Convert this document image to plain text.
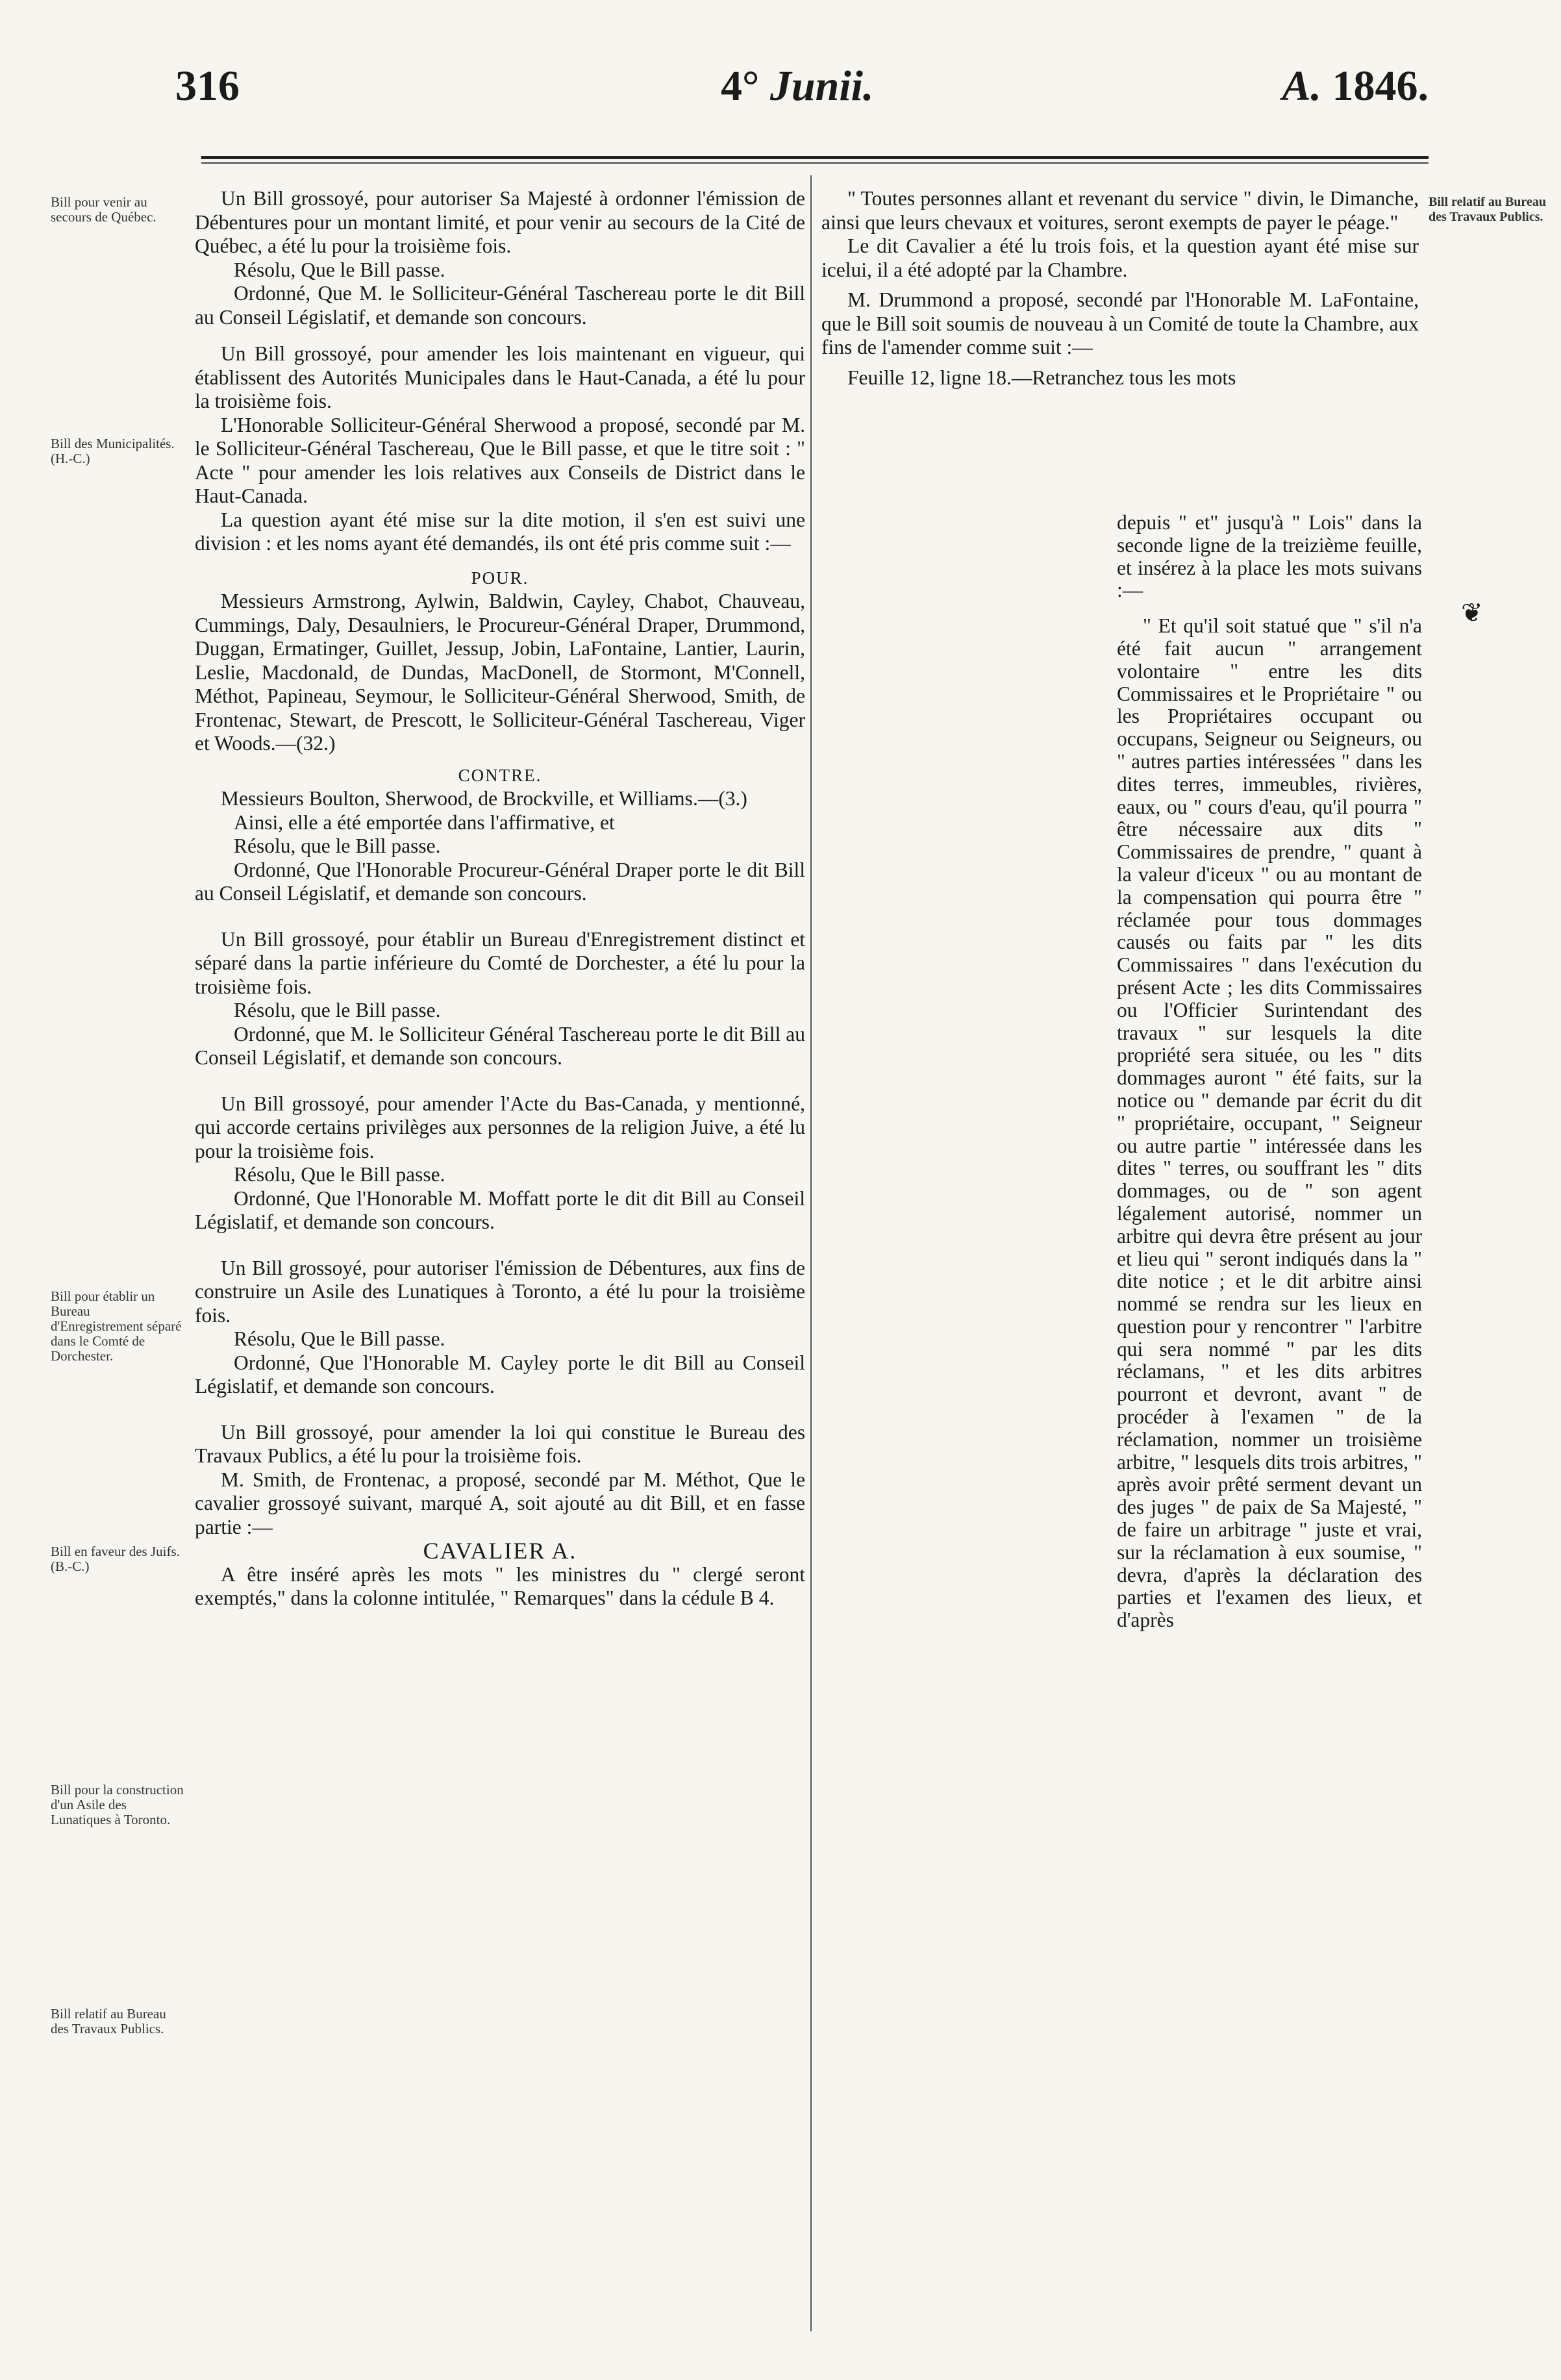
316	4° Junii.	A. 1846.
Bill pour venir au secours de Québec.
Bill des Municipalités. (H.-C.)
Bill pour établir un Bureau d'Enregistrement séparé dans le Comté de Dorchester.
Bill en faveur des Juifs. (B.-C.)
Bill pour la construction d'un Asile des Lunatiques à Toronto.
Bill relatif au Bureau des Travaux Publics.
Bill relatif au Bureau des Travaux Publics.

Un Bill grossoyé, pour autoriser Sa Majesté à ordonner l'émission de Débentures pour un montant limité, et pour venir au secours de la Cité de Québec, a été lu pour la troisième fois.

Résolu, Que le Bill passe.

Ordonné, Que M. le Solliciteur-Général Taschereau porte le dit Bill au Conseil Législatif, et demande son concours.

Un Bill grossoyé, pour amender les lois maintenant en vigueur, qui établissent des Autorités Municipales dans le Haut-Canada, a été lu pour la troisième fois.

L'Honorable Solliciteur-Général Sherwood a proposé, secondé par M. le Solliciteur-Général Taschereau, Que le Bill passe, et que le titre soit : " Acte " pour amender les lois relatives aux Conseils de District dans le Haut-Canada.

La question ayant été mise sur la dite motion, il s'en est suivi une division : et les noms ayant été demandés, ils ont été pris comme suit :—

POUR.

Messieurs Armstrong, Aylwin, Baldwin, Cayley, Chabot, Chauveau, Cummings, Daly, Desaulniers, le Procureur-Général Draper, Drummond, Duggan, Ermatinger, Guillet, Jessup, Jobin, LaFontaine, Lantier, Laurin, Leslie, Macdonald, de Dundas, MacDonell, de Stormont, M'Connell, Méthot, Papineau, Seymour, le Solliciteur-Général Sherwood, Smith, de Frontenac, Stewart, de Prescott, le Solliciteur-Général Taschereau, Viger et Woods.—(32.)

CONTRE.

Messieurs Boulton, Sherwood, de Brockville, et Williams.—(3.)

Ainsi, elle a été emportée dans l'affirmative, et

Résolu, que le Bill passe.

Ordonné, Que l'Honorable Procureur-Général Draper porte le dit Bill au Conseil Législatif, et demande son concours.

Un Bill grossoyé, pour établir un Bureau d'Enregistrement distinct et séparé dans la partie inférieure du Comté de Dorchester, a été lu pour la troisième fois.

Résolu, que le Bill passe.

Ordonné, que M. le Solliciteur Général Taschereau porte le dit Bill au Conseil Législatif, et demande son concours.

Un Bill grossoyé, pour amender l'Acte du Bas-Canada, y mentionné, qui accorde certains privilèges aux personnes de la religion Juive, a été lu pour la troisième fois.

Résolu, Que le Bill passe.

Ordonné, Que l'Honorable M. Moffatt porte le dit dit Bill au Conseil Législatif, et demande son concours.

Un Bill grossoyé, pour autoriser l'émission de Débentures, aux fins de construire un Asile des Lunatiques à Toronto, a été lu pour la troisième fois.

Résolu, Que le Bill passe.

Ordonné, Que l'Honorable M. Cayley porte le dit Bill au Conseil Législatif, et demande son concours.

Un Bill grossoyé, pour amender la loi qui constitue le Bureau des Travaux Publics, a été lu pour la troisième fois.

M. Smith, de Frontenac, a proposé, secondé par M. Méthot, Que le cavalier grossoyé suivant, marqué A, soit ajouté au dit Bill, et en fasse partie :—

CAVALIER A.

A être inséré après les mots " les ministres du " clergé seront exemptés," dans la colonne intitulée, " Remarques" dans la cédule B 4.

" Toutes personnes allant et revenant du service " divin, le Dimanche, ainsi que leurs chevaux et voitures, seront exempts de payer le péage."

Le dit Cavalier a été lu trois fois, et la question ayant été mise sur icelui, il a été adopté par la Chambre.

M. Drummond a proposé, secondé par l'Honorable M. LaFontaine, que le Bill soit soumis de nouveau à un Comité de toute la Chambre, aux fins de l'amender comme suit :—

Feuille 12, ligne 18.—Retranchez tous les mots

depuis " et" jusqu'à " Lois" dans la seconde ligne de la treizième feuille, et insérez à la place les mots suivans :—

" Et qu'il soit statué que " s'il n'a été fait aucun " arrangement volontaire " entre les dits Commissaires et le Propriétaire " ou les Propriétaires occupant ou occupans, Seigneur ou Seigneurs, ou " autres parties intéressées " dans les dites terres, immeubles, rivières, eaux, ou " cours d'eau, qu'il pourra " être nécessaire aux dits " Commissaires de prendre, " quant à la valeur d'iceux " ou au montant de la compensation qui pourra être " réclamée pour tous dommages causés ou faits par " les dits Commissaires " dans l'exécution du présent Acte ; les dits Commissaires ou l'Officier Surintendant des travaux " sur lesquels la dite propriété sera située, ou les " dits dommages auront " été faits, sur la notice ou " demande par écrit du dit " propriétaire, occupant, " Seigneur ou autre partie " intéressée dans les dites " terres, ou souffrant les " dits dommages, ou de " son agent légalement autorisé, nommer un arbitre qui devra être présent au jour et lieu qui " seront indiqués dans la " dite notice ; et le dit arbitre ainsi nommé se rendra sur les lieux en question pour y rencontrer " l'arbitre qui sera nommé " par les dits réclamans, " et les dits arbitres pourront et devront, avant " de procéder à l'examen " de la réclamation, nommer un troisième arbitre, " lesquels dits trois arbitres, " après avoir prêté serment devant un des juges " de paix de Sa Majesté, " de faire un arbitrage " juste et vrai, sur la réclamation à eux soumise, " devra, d'après la déclaration des parties et l'examen des lieux, et d'après

❦
